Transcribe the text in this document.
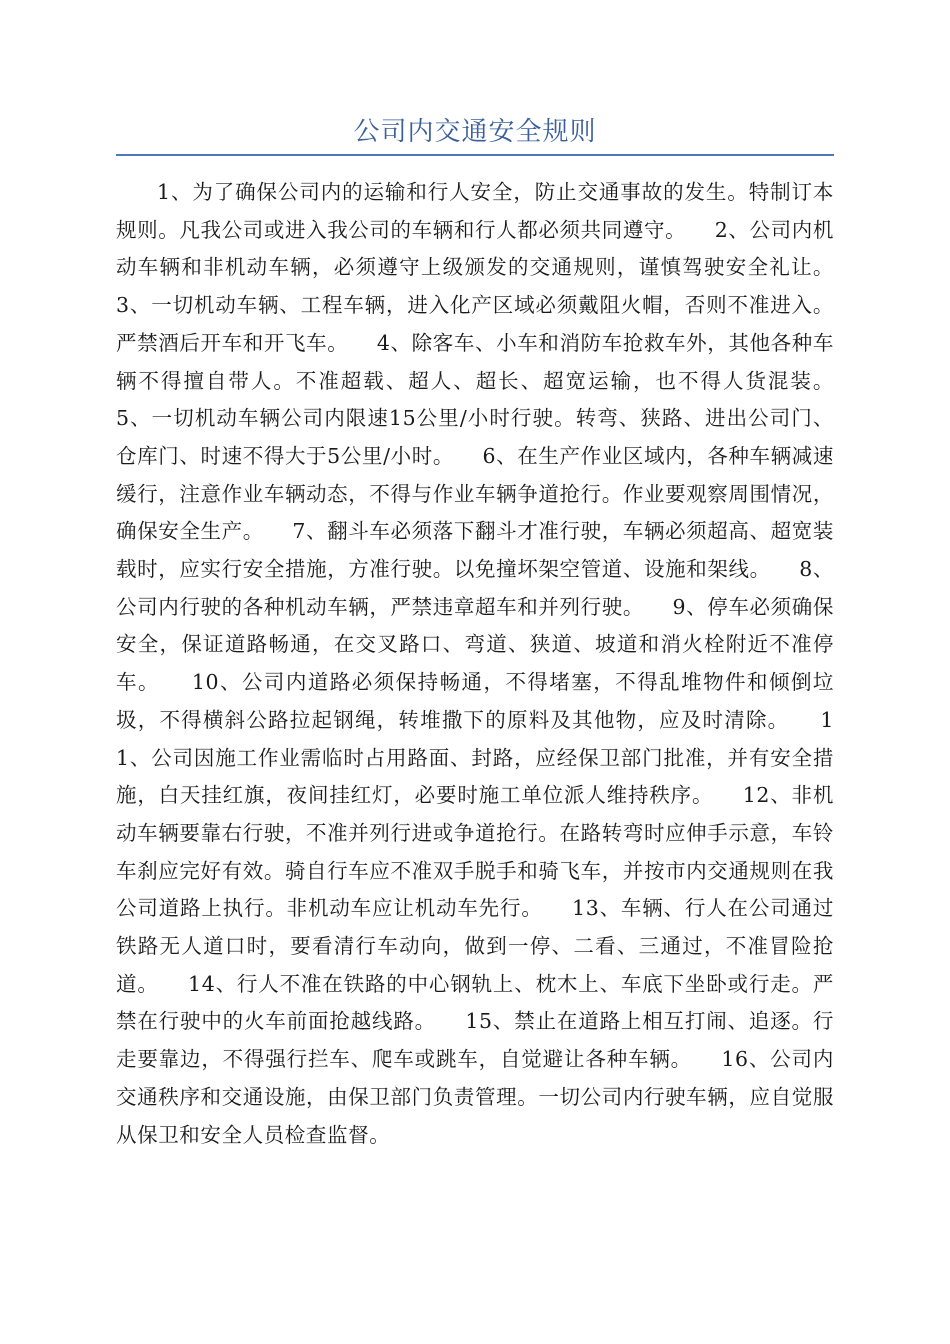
公司内交通安全规则
1、为了确保公司内的运输和行人安全，防止交通事故的发生。特制订本规则。凡我公司或进入我公司的车辆和行人都必须共同遵守。    2、公司内机动车辆和非机动车辆，必须遵守上级颁发的交通规则，谨慎驾驶安全礼让。    3、一切机动车辆、工程车辆，进入化产区域必须戴阻火帽，否则不准进入。严禁酒后开车和开飞车。    4、除客车、小车和消防车抢救车外，其他各种车辆不得擅自带人。不准超载、超人、超长、超宽运输，也不得人货混装。    5、一切机动车辆公司内限速15公里/小时行驶。转弯、狭路、进出公司门、仓库门、时速不得大于5公里/小时。    6、在生产作业区域内，各种车辆减速缓行，注意作业车辆动态，不得与作业车辆争道抢行。作业要观察周围情况，确保安全生产。    7、翻斗车必须落下翻斗才准行驶，车辆必须超高、超宽装载时，应实行安全措施，方准行驶。以免撞坏架空管道、设施和架线。    8、公司内行驶的各种机动车辆，严禁违章超车和并列行驶。    9、停车必须确保安全，保证道路畅通，在交叉路口、弯道、狭道、坡道和消火栓附近不准停车。    10、公司内道路必须保持畅通，不得堵塞，不得乱堆物件和倾倒垃圾，不得横斜公路拉起钢绳，转堆撒下的原料及其他物，应及时清除。    11、公司因施工作业需临时占用路面、封路，应经保卫部门批准，并有安全措施，白天挂红旗，夜间挂红灯，必要时施工单位派人维持秩序。    12、非机动车辆要靠右行驶，不准并列行进或争道抢行。在路转弯时应伸手示意，车铃车刹应完好有效。骑自行车应不准双手脱手和骑飞车，并按市内交通规则在我公司道路上执行。非机动车应让机动车先行。    13、车辆、行人在公司通过铁路无人道口时，要看清行车动向，做到一停、二看、三通过，不准冒险抢道。    14、行人不准在铁路的中心钢轨上、枕木上、车底下坐卧或行走。严禁在行驶中的火车前面抢越线路。    15、禁止在道路上相互打闹、追逐。行走要靠边，不得强行拦车、爬车或跳车，自觉避让各种车辆。    16、公司内交通秩序和交通设施，由保卫部门负责管理。一切公司内行驶车辆，应自觉服从保卫和安全人员检查监督。
